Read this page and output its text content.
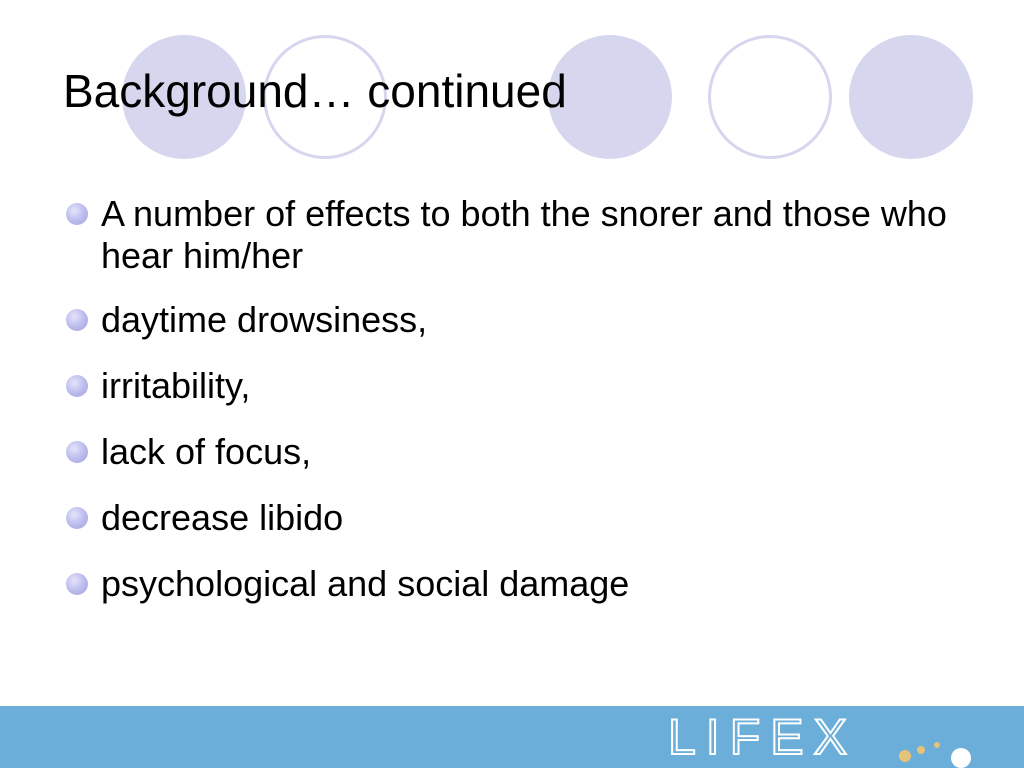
Background… continued
A number of effects to both the snorer and those who hear him/her
daytime drowsiness,
irritability,
lack of focus,
decrease libido
psychological and social damage
LIFEX
